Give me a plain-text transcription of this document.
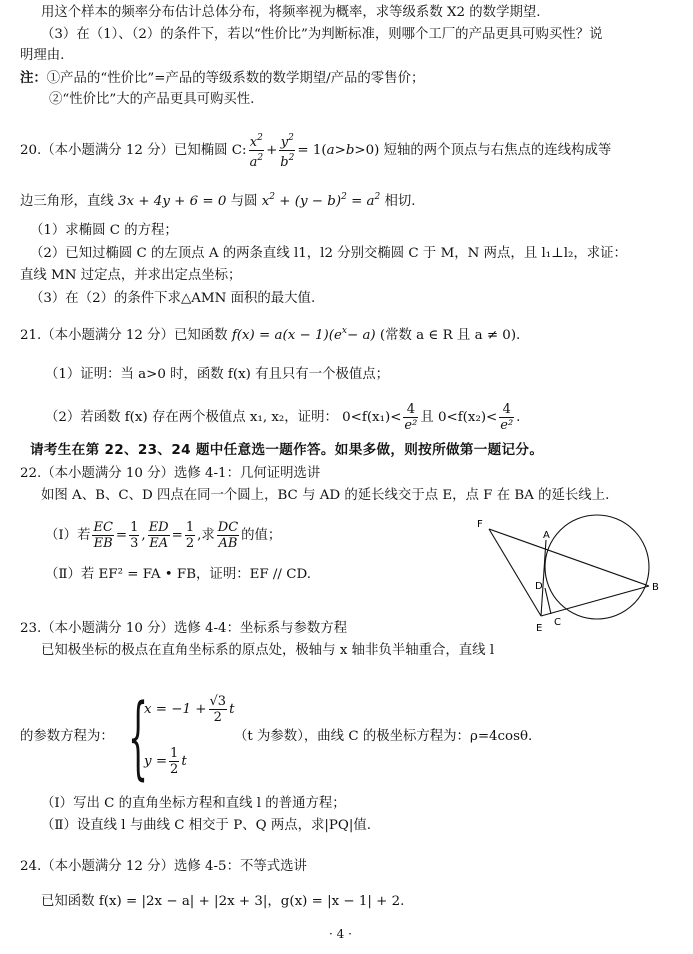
用这个样本的频率分布估计总体分布，将频率视为概率，求等级系数 X2 的数学期望.
（3）在（1）、（2）的条件下，若以“性价比”为判断标准，则哪个工厂的产品更具可购买性？说
明理由.
注：①产品的“性价比”=产品的等级系数的数学期望/产品的零售价；
②“性价比”大的产品更具可购买性.
20.（本小题满分 12 分）已知椭圆 C: $\frac{x^2}{a^2} + \frac{y^2}{b^2} = 1(a>b>0)$ 短轴的两个顶点与右焦点的连线构成等
边三角形，直线 3x + 4y + 6 = 0 与圆 $x^2 + (y - b)^2 = a^2$ 相切.
（1）求椭圆 C 的方程；
（2）已知过椭圆 C 的左顶点 A 的两条直线 l1，l2 分别交椭圆 C 于 M，N 两点，且 l₁⊥l₂，求证：
直线 MN 过定点，并求出定点坐标；
（3）在（2）的条件下求△AMN 面积的最大值.
21.（本小题满分 12 分）已知函数 $f(x) = a(x - 1)(e^x- a)$ (常数 a ∈ R 且 a ≠ 0).
（1）证明：当 a>0 时，函数 f(x) 有且只有一个极值点；
（2）若函数 f(x) 存在两个极值点 x₁, x₂，证明： $0<f(x_1)< \frac{4}{\text{e²}}$ 且 $0<f(x_2)< \frac{4}{\text{e²}}$ .
请考生在第 22、23、24 题中任意选一题作答。如果多做，则按所做第一题记分。
22.（本小题满分 10 分）选修 4-1：几何证明选讲
如图 A、B、C、D 四点在同一个圆上，BC 与 AD 的延长线交于点 E，点 F 在 BA 的延长线上.
（Ⅰ）若 $\frac{EC}{EB} = \frac{1}{3}$ , $\frac{ED}{EA} = \frac{1}{2}$ ,求 $\frac{DC}{AB}$ 的值；
（Ⅱ）若 EF² = FA • FB，证明：EF // CD.
F
A
D	B
E
C
23.（本小题满分 10 分）选修 4-4：坐标系与参数方程
已知极坐标的极点在直角坐标系的原点处，极轴与 x 轴非负半轴重合，直线 l
的参数方程为： {
$x = -1 + \frac{√3}{2}$ t
$y = \frac{1}{2}$ t
（t 为参数），曲线 C 的极坐标方程为：ρ=4cosθ.
（Ⅰ）写出 C 的直角坐标方程和直线 l 的普通方程；
（Ⅱ）设直线 l 与曲线 C 相交于 P、Q 两点，求|PQ|值.
24.（本小题满分 12 分）选修 4-5：不等式选讲
已知函数 f(x) = |2x − a| + |2x + 3|，g(x) = |x − 1| + 2.
· 4 ·
